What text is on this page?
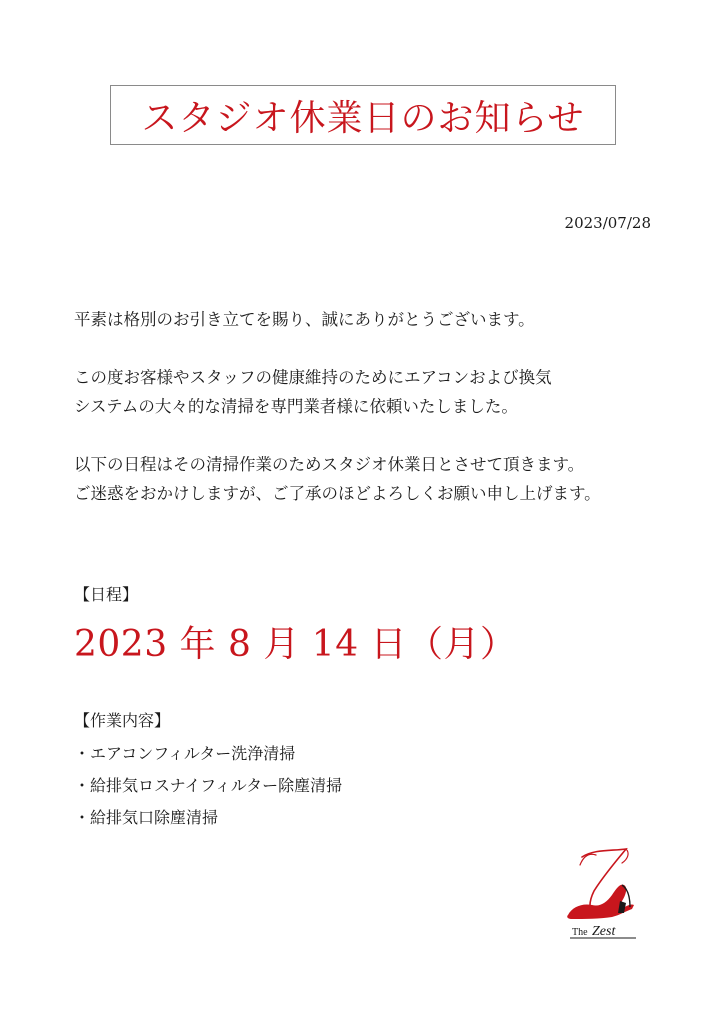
スタジオ休業日のお知らせ
2023/07/28
平素は格別のお引き立てを賜り、誠にありがとうございます。
この度お客様やスタッフの健康維持のためにエアコンおよび換気
システムの大々的な清掃を専門業者様に依頼いたしました。
以下の日程はその清掃作業のためスタジオ休業日とさせて頂きます。
ご迷惑をおかけしますが、ご了承のほどよろしくお願い申し上げます。
【日程】
2023 年 8 月 14 日（月）
【作業内容】
・エアコンフィルター洗浄清掃
・給排気ロスナイフィルター除塵清掃
・給排気口除塵清掃
The Zest
